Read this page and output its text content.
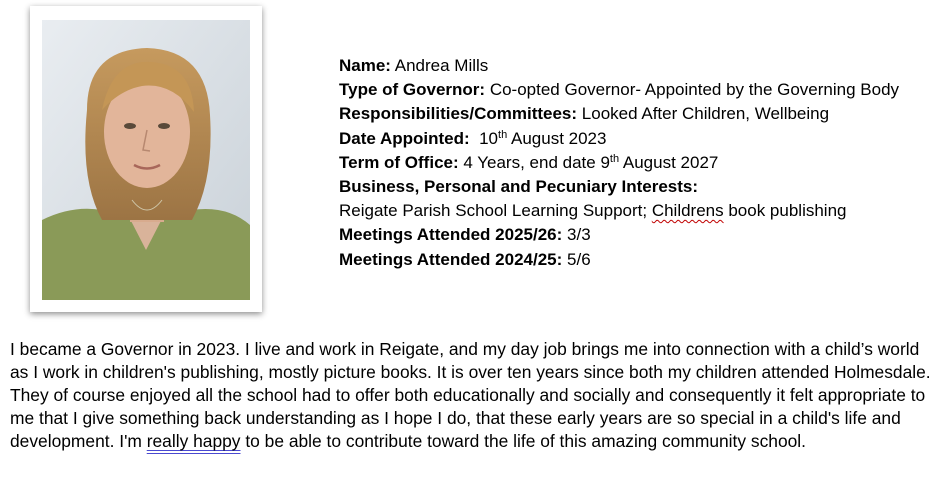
Name: Andrea Mills
Type of Governor: Co-opted Governor- Appointed by the Governing Body
Responsibilities/Committees: Looked After Children, Wellbeing
Date Appointed: 10th August 2023
Term of Office: 4 Years, end date 9th August 2027
Business, Personal and Pecuniary Interests:
Reigate Parish School Learning Support; Childrens book publishing
Meetings Attended 2025/26: 3/3
Meetings Attended 2024/25: 5/6

I became a Governor in 2023. I live and work in Reigate, and my day job brings me into connection with a child’s world as I work in children's publishing, mostly picture books. It is over ten years since both my children attended Holmesdale. They of course enjoyed all the school had to offer both educationally and socially and consequently it felt appropriate to me that I give something back understanding as I hope I do, that these early years are so special in a child's life and development. I'm really happy to be able to contribute toward the life of this amazing community school.
